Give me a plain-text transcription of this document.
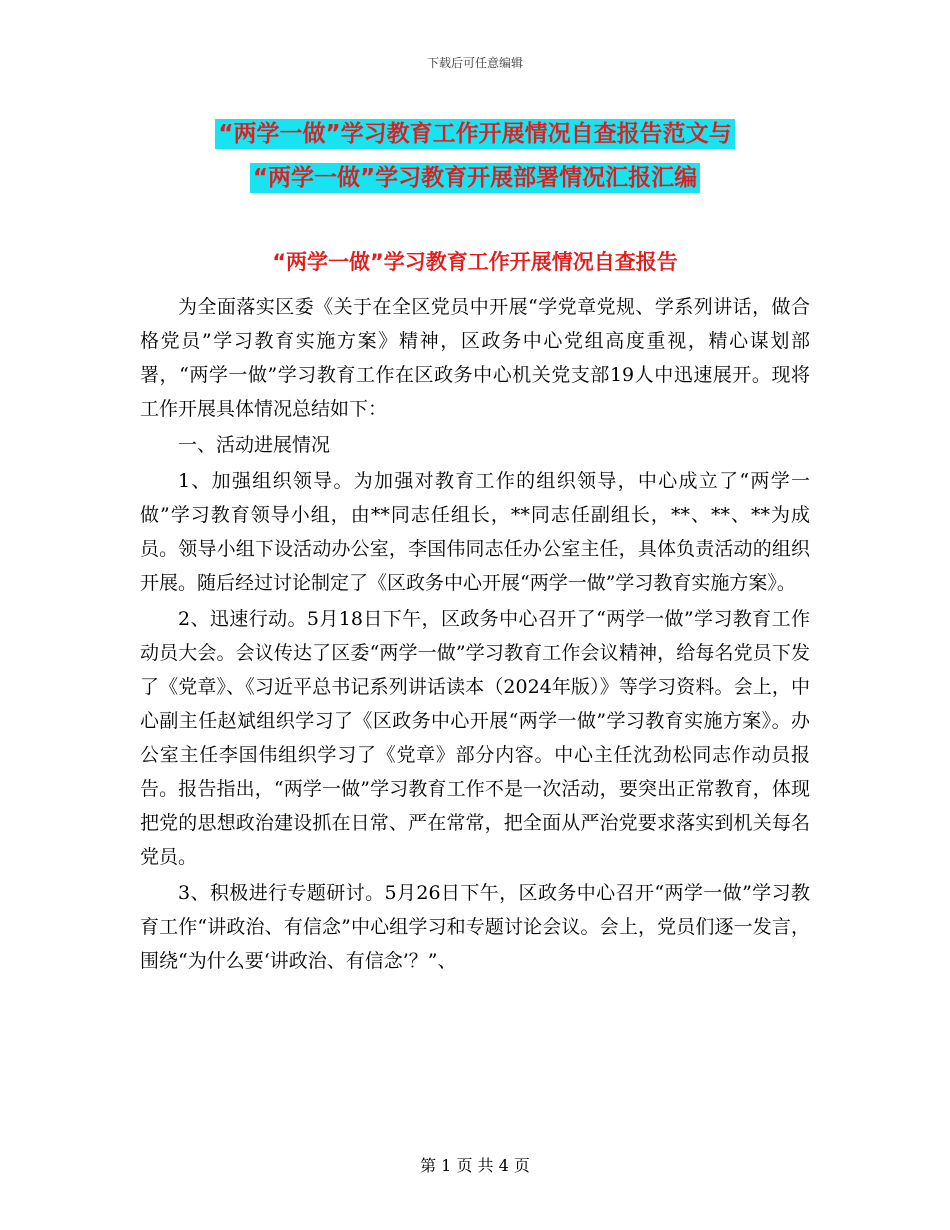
下载后可任意编辑
“两学一做”学习教育工作开展情况自查报告范文与
“两学一做”学习教育开展部署情况汇报汇编
“两学一做”学习教育工作开展情况自查报告

为全面落实区委《关于在全区党员中开展“学党章党规、学系列讲话，做合格党员”学习教育实施方案》精神，区政务中心党组高度重视，精心谋划部署，“两学一做”学习教育工作在区政务中心机关党支部19人中迅速展开。现将工作开展具体情况总结如下：

一、活动进展情况

1、加强组织领导。为加强对教育工作的组织领导，中心成立了“两学一做”学习教育领导小组，由**同志任组长，**同志任副组长，**、**、**为成员。领导小组下设活动办公室，李国伟同志任办公室主任，具体负责活动的组织开展。随后经过讨论制定了《区政务中心开展“两学一做”学习教育实施方案》。

2、迅速行动。5月18日下午，区政务中心召开了“两学一做”学习教育工作动员大会。会议传达了区委“两学一做”学习教育工作会议精神，给每名党员下发了《党章》、《习近平总书记系列讲话读本（2024年版）》等学习资料。会上，中心副主任赵斌组织学习了《区政务中心开展“两学一做”学习教育实施方案》。办公室主任李国伟组织学习了《党章》部分内容。中心主任沈劲松同志作动员报告。报告指出，“两学一做”学习教育工作不是一次活动，要突出正常教育，体现把党的思想政治建设抓在日常、严在常常，把全面从严治党要求落实到机关每名党员。

3、积极进行专题研讨。5月26日下午，区政务中心召开“两学一做”学习教育工作“讲政治、有信念”中心组学习和专题讨论会议。会上，党员们逐一发言，围绕“为什么要‘讲政治、有信念’？”、

第 1 页 共 4 页
